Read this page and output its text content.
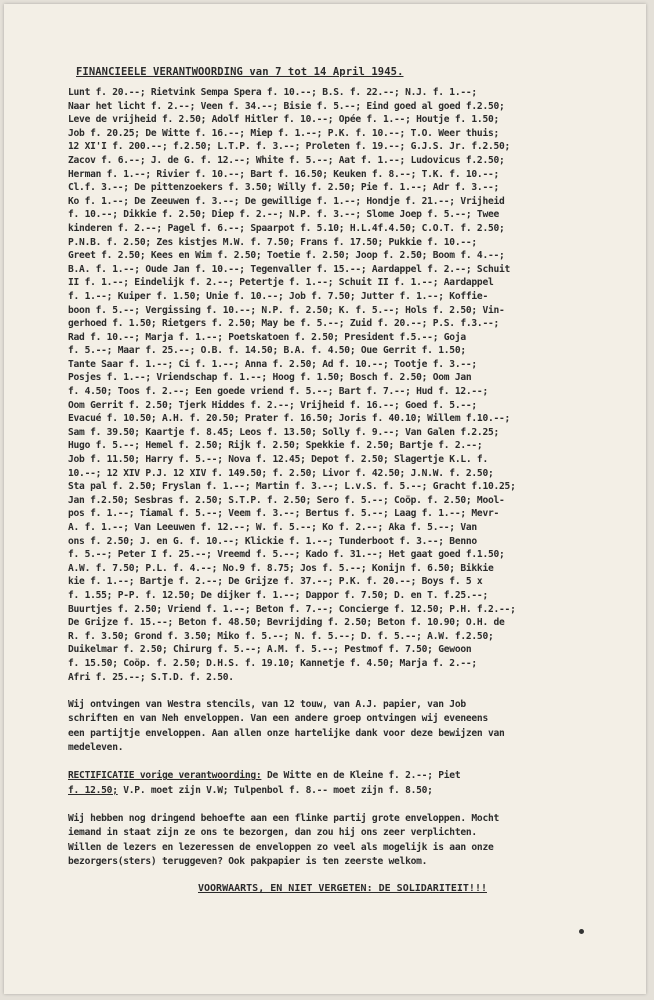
FINANCIEELE VERANTWOORDING van 7 tot 14 April 1945.

Lunt f. 20.--; Rietvink Sempa Spera f. 10.--; B.S. f. 22.--; N.J. f. 1.--;

Naar het licht f. 2.--; Veen f. 34.--; Bisie f. 5.--; Eind goed al goed f.2.50;

Leve de vrijheid f. 2.50; Adolf Hitler f. 10.--; Opée f. 1.--; Houtje f. 1.50;

Job f. 20.25; De Witte f. 16.--; Miep f. 1.--; P.K. f. 10.--; T.O. Weer thuis;

12 XI'I f. 200.--; f.2.50; L.T.P. f. 3.--; Proleten f. 19.--; G.J.S. Jr. f.2.50;

Zacov f. 6.--; J. de G. f. 12.--; White f. 5.--; Aat f. 1.--; Ludovicus f.2.50;

Herman f. 1.--; Rivier f. 10.--; Bart f. 16.50; Keuken f. 8.--; T.K. f. 10.--;

Cl.f. 3.--; De pittenzoekers f. 3.50; Willy f. 2.50; Pie f. 1.--; Adr f. 3.--;

Ko f. 1.--; De Zeeuwen f. 3.--; De gewillige f. 1.--; Hondje f. 21.--; Vrijheid

f. 10.--; Dikkie f. 2.50; Diep f. 2.--; N.P. f. 3.--; Slome Joep f. 5.--; Twee

kinderen f. 2.--; Pagel f. 6.--; Spaarpot f. 5.10; H.L.4f.4.50; C.O.T. f. 2.50;

P.N.B. f. 2.50; Zes kistjes M.W. f. 7.50; Frans f. 17.50; Pukkie f. 10.--;

Greet f. 2.50; Kees en Wim f. 2.50; Toetie f. 2.50; Joop f. 2.50; Boom f. 4.--;

B.A. f. 1.--; Oude Jan f. 10.--; Tegenvaller f. 15.--; Aardappel f. 2.--; Schuit

II f. 1.--; Eindelijk f. 2.--; Petertje f. 1.--; Schuit II f. 1.--; Aardappel

f. 1.--; Kuiper f. 1.50; Unie f. 10.--; Job f. 7.50; Jutter f. 1.--; Koffie-

boon f. 5.--; Vergissing f. 10.--; N.P. f. 2.50; K. f. 5.--; Hols f. 2.50; Vin-

gerhoed f. 1.50; Rietgers f. 2.50; May be f. 5.--; Zuid f. 20.--; P.S. f.3.--;

Rad f. 10.--; Marja f. 1.--; Poetskatoen f. 2.50; President f.5.--; Goja

f. 5.--; Maar f. 25.--; O.B. f. 14.50; B.A. f. 4.50; Oue Gerrit f. 1.50;

Tante Saar f. 1.--; Ci f. 1.--; Anna f. 2.50; Ad f. 10.--; Tootje f. 3.--;

Posjes f. 1.--; Vriendschap f. 1.--; Hoog f. 1.50; Bosch f. 2.50; Oom Jan

f. 4.50; Toos f. 2.--; Een goede vriend f. 5.--; Bart f. 7.--; Hud f. 12.--;

Oom Gerrit f. 2.50; Tjerk Hiddes f. 2.--; Vrijheid f. 16.--; Goed f. 5.--;

Evacué f. 10.50; A.H. f. 20.50; Prater f. 16.50; Joris f. 40.10; Willem f.10.--;

Sam f. 39.50; Kaartje f. 8.45; Leos f. 13.50; Solly f. 9.--; Van Galen f.2.25;

Hugo f. 5.--; Hemel f. 2.50; Rijk f. 2.50; Spekkie f. 2.50; Bartje f. 2.--;

Job f. 11.50; Harry f. 5.--; Nova f. 12.45; Depot f. 2.50; Slagertje K.L. f.

10.--; 12 XIV P.J. 12 XIV f. 149.50; f. 2.50; Livor f. 42.50; J.N.W. f. 2.50;

Sta pal f. 2.50; Fryslan f. 1.--; Martin f. 3.--; L.v.S. f. 5.--; Gracht f.10.25;

Jan f.2.50; Sesbras f. 2.50; S.T.P. f. 2.50; Sero f. 5.--; Coöp. f. 2.50; Mool-

pos f. 1.--; Tiamal f. 5.--; Veem f. 3.--; Bertus f. 5.--; Laag f. 1.--; Mevr-

A. f. 1.--; Van Leeuwen f. 12.--; W. f. 5.--; Ko f. 2.--; Aka f. 5.--; Van

ons f. 2.50; J. en G. f. 10.--; Klickie f. 1.--; Tunderboot f. 3.--; Benno

f. 5.--; Peter I f. 25.--; Vreemd f. 5.--; Kado f. 31.--; Het gaat goed f.1.50;

A.W. f. 7.50; P.L. f. 4.--; No.9 f. 8.75; Jos f. 5.--; Konijn f. 6.50; Bikkie

kie f. 1.--; Bartje f. 2.--; De Grijze f. 37.--; P.K. f. 20.--; Boys f. 5 x

f. 1.55; P-P. f. 12.50; De dijker f. 1.--; Dappor f. 7.50; D. en T. f.25.--;

Buurtjes f. 2.50; Vriend f. 1.--; Beton f. 7.--; Concierge f. 12.50; P.H. f.2.--;

De Grijze f. 15.--; Beton f. 48.50; Bevrijding f. 2.50; Beton f. 10.90; O.H. de

R. f. 3.50; Grond f. 3.50; Miko f. 5.--; N. f. 5.--; D. f. 5.--; A.W. f.2.50;

Duikelmar f. 2.50; Chirurg f. 5.--; A.M. f. 5.--; Pestmof f. 7.50; Gewoon

f. 15.50; Coöp. f. 2.50; D.H.S. f. 19.10; Kannetje f. 4.50; Marja f. 2.--;

Afri f. 25.--; S.T.D. f. 2.50.

Wij ontvingen van Westra stencils, van 12 touw, van A.J. papier, van Job

schriften en van Neh enveloppen. Van een andere groep ontvingen wij eveneens

een partijtje enveloppen. Aan allen onze hartelijke dank voor deze bewijzen van

medeleven.

RECTIFICATIE vorige verantwoording: De Witte en de Kleine f. 2.--; Piet

f. 12.50; V.P. moet zijn V.W; Tulpenbol f. 8.-- moet zijn f. 8.50;

Wij hebben nog dringend behoefte aan een flinke partij grote enveloppen. Mocht

iemand in staat zijn ze ons te bezorgen, dan zou hij ons zeer verplichten.

Willen de lezers en lezeressen de enveloppen zo veel als mogelijk is aan onze

bezorgers(sters) teruggeven? Ook pakpapier is ten zeerste welkom.

VOORWAARTS, EN NIET VERGETEN: DE SOLIDARITEIT!!!
